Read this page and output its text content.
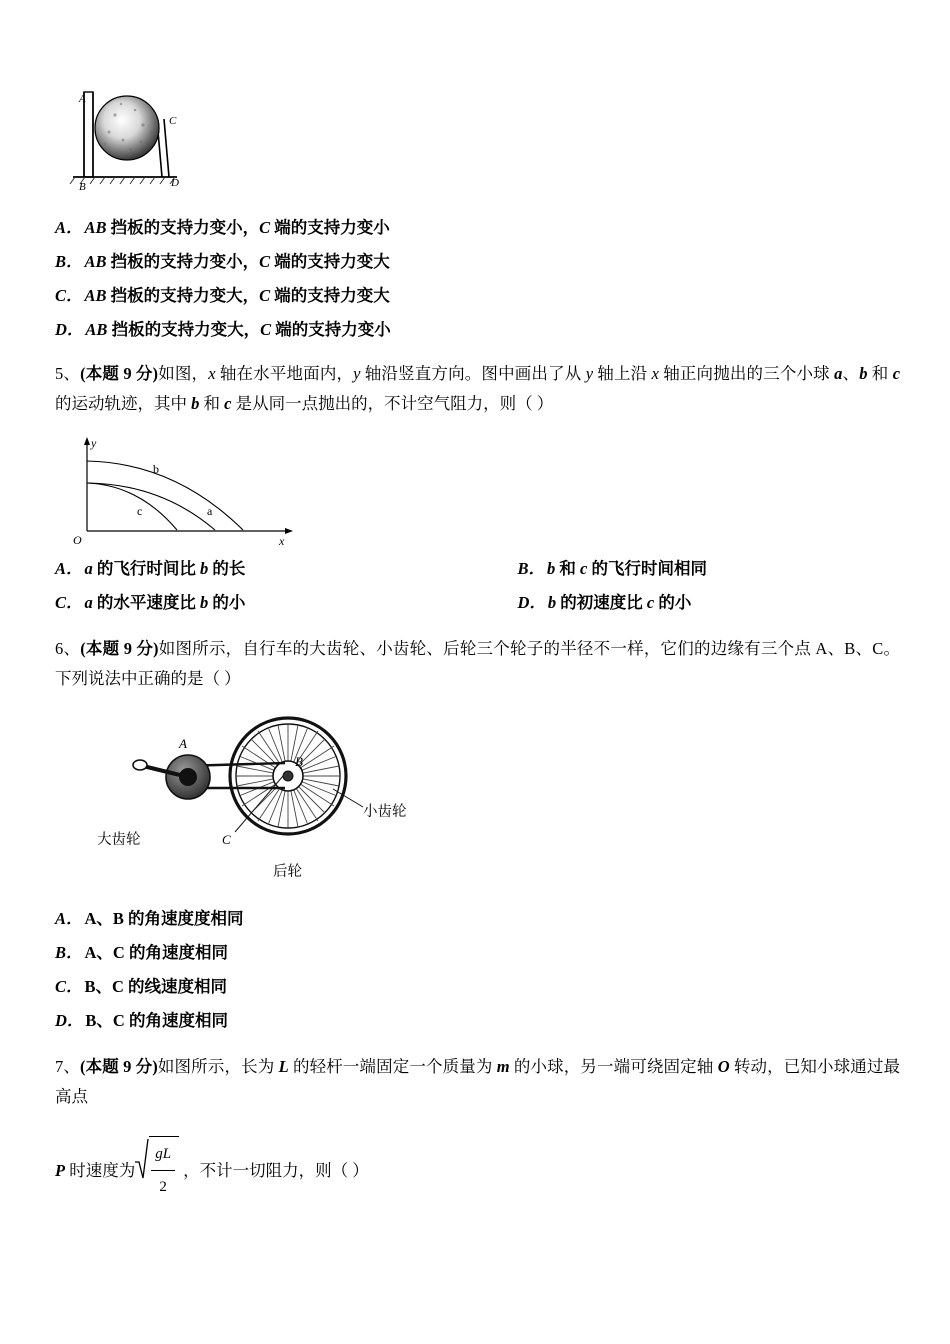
A
B
C
D
A． AB 挡板的支持力变小，C 端的支持力变小
B． AB 挡板的支持力变小，C 端的支持力变大
C． AB 挡板的支持力变大，C 端的支持力变大
D． AB 挡板的支持力变大，C 端的支持力变小
5、(本题 9 分)如图，x 轴在水平地面内，y 轴沿竖直方向。图中画出了从 y 轴上沿 x 轴正向抛出的三个小球 a、b 和 c 的运动轨迹，其中 b 和 c 是从同一点抛出的，不计空气阻力，则（ ）
y
x
O
b
c	a
A． a 的飞行时间比 b 的长	B． b 和 c 的飞行时间相同
C． a 的水平速度比 b 的小	D． b 的初速度比 c 的小
6、(本题 9 分)如图所示，自行车的大齿轮、小齿轮、后轮三个轮子的半径不一样，它们的边缘有三个点 A、B、C。下列说法中正确的是（ ）
A
B
C
大齿轮
小齿轮
后轮
A． A、B 的角速度度相同
B． A、C 的角速度相同
C． B、C 的线速度相同
D． B、C 的角速度相同
7、(本题 9 分)如图所示，长为 L 的轻杆一端固定一个质量为 m 的小球，另一端可绕固定轴 O 转动，已知小球通过最高点
P 时速度为 $\frac{gL}{2}$ ，不计一切阻力，则（ ）
